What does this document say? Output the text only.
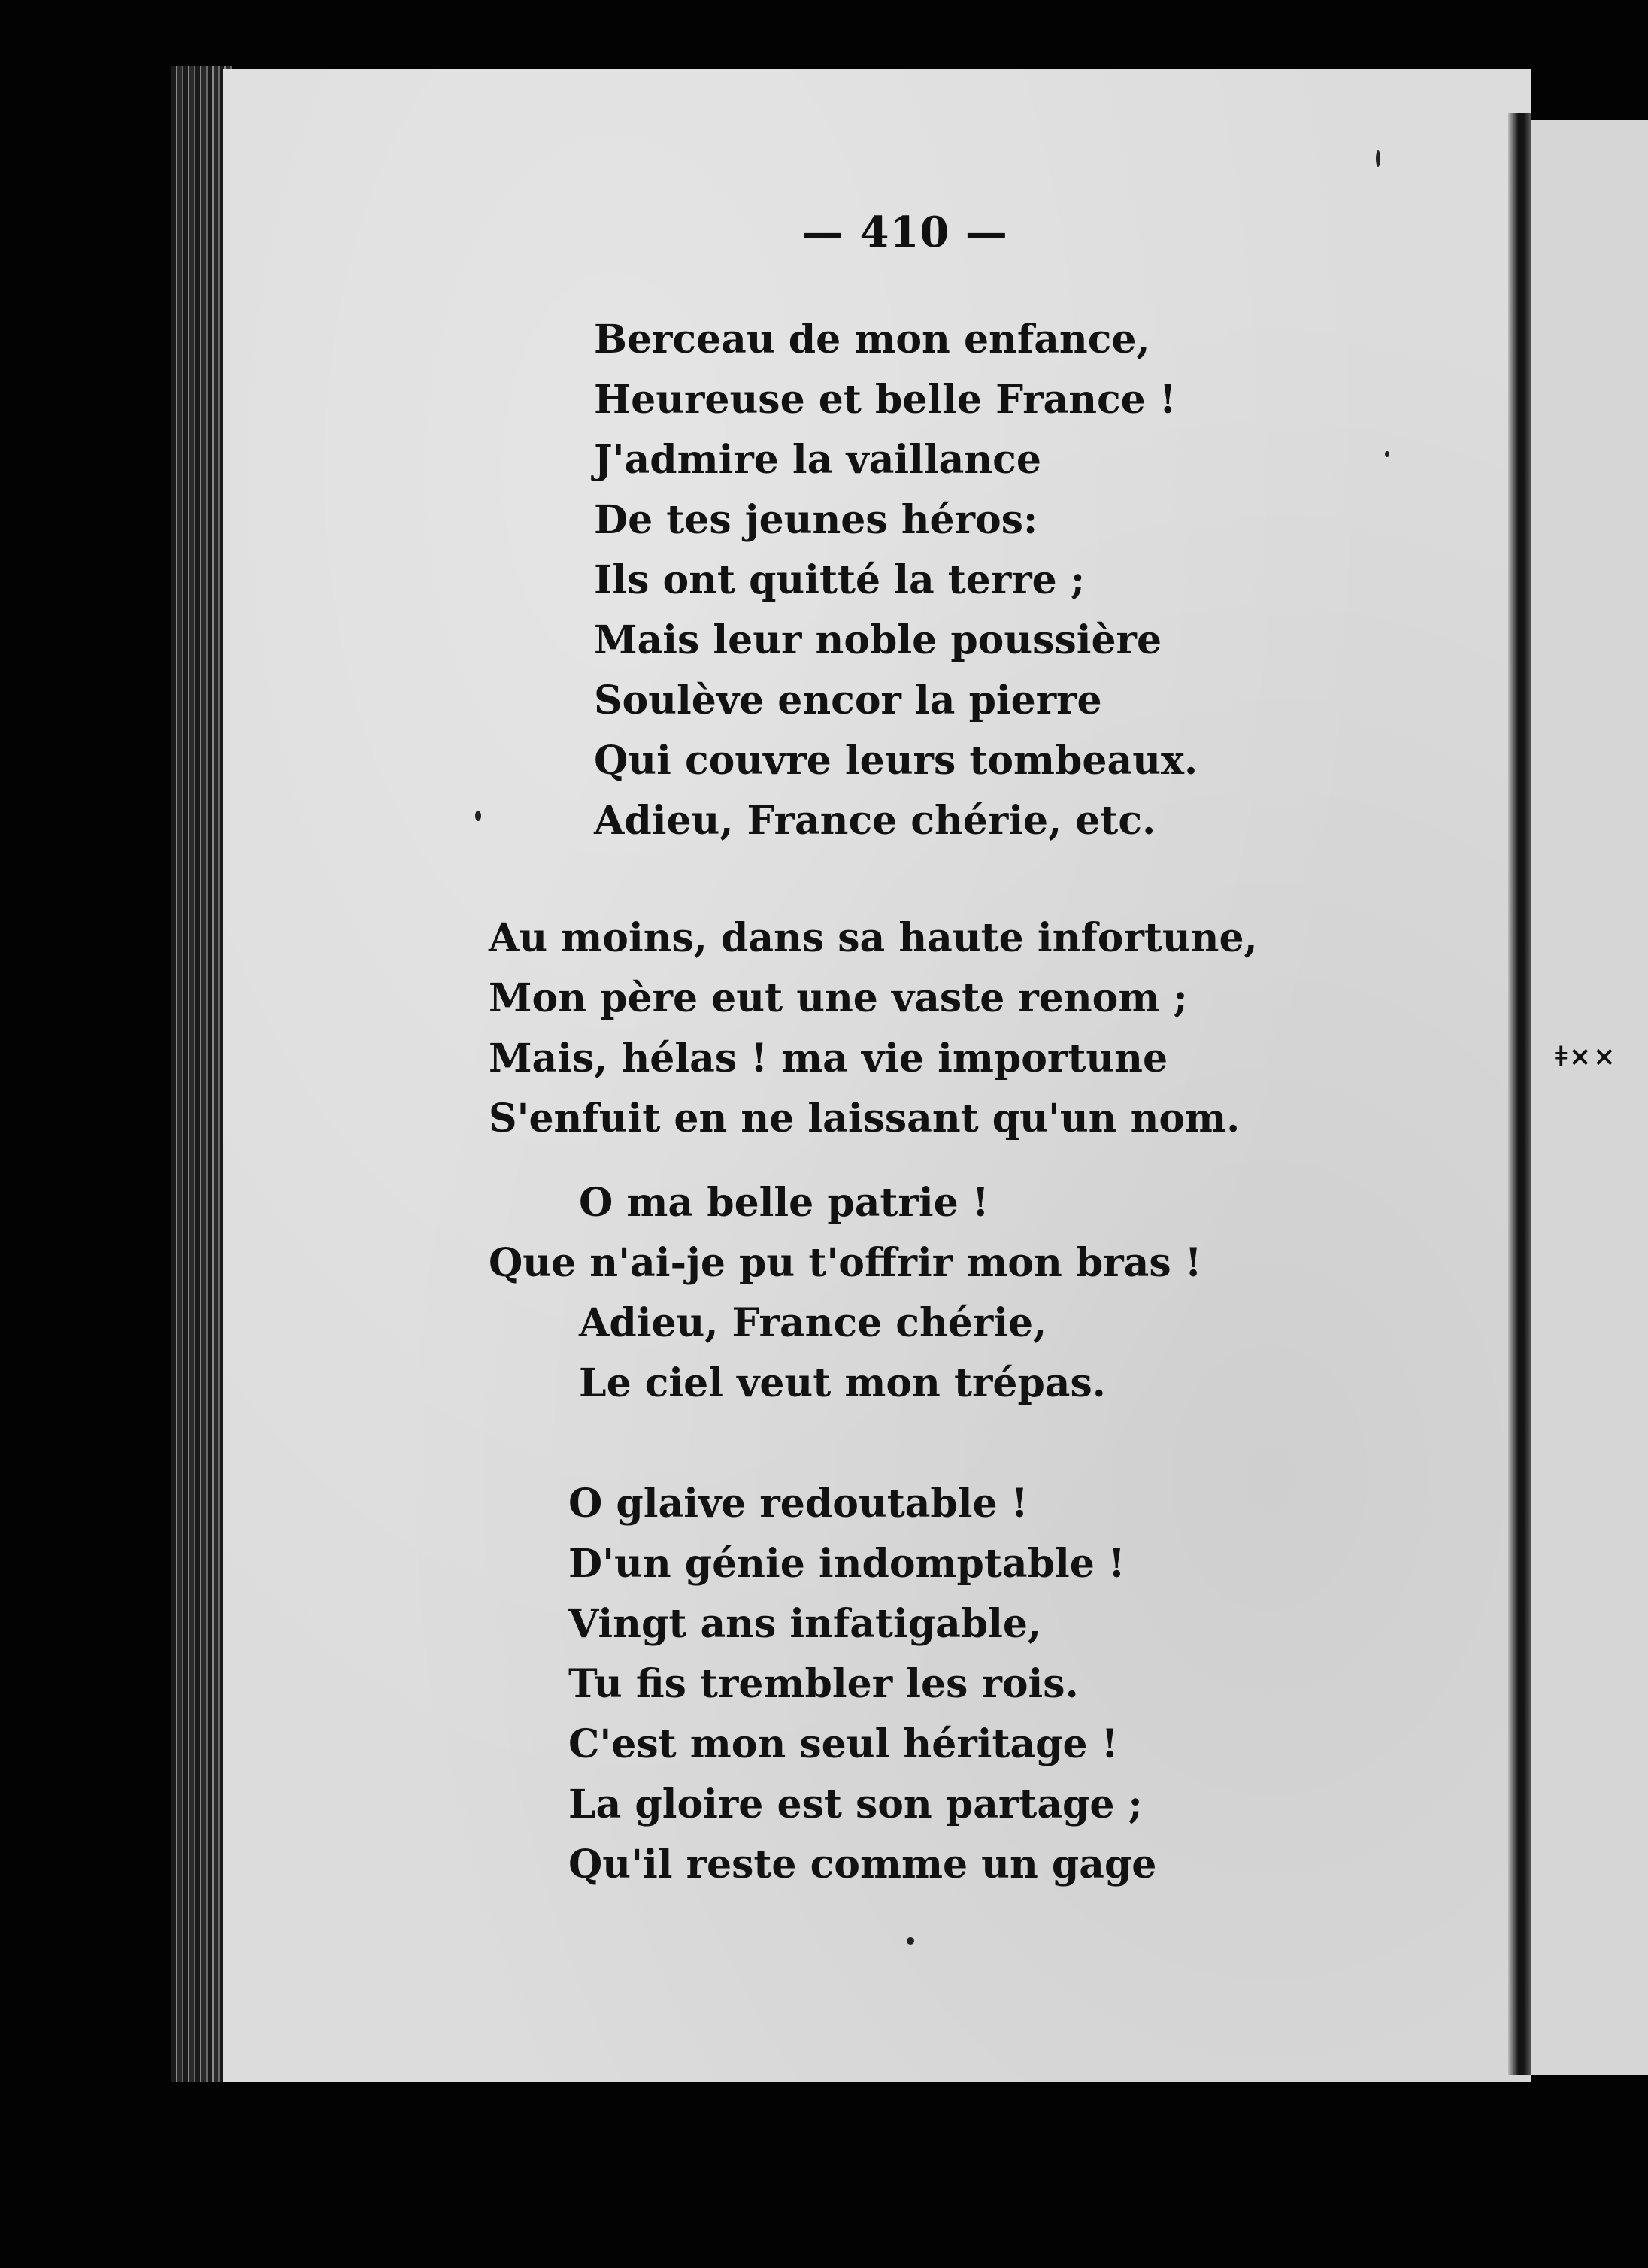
ǂ××
— 410 —
Berceau de mon enfance,
Heureuse et belle France !
J'admire la vaillance
De tes jeunes héros:
Ils ont quitté la terre ;
Mais leur noble poussière
Soulève encor la pierre
Qui couvre leurs tombeaux.
Adieu, France chérie, etc.
Au moins, dans sa haute infortune,
Mon père eut une vaste renom ;
Mais, hélas ! ma vie importune
S'enfuit en ne laissant qu'un nom.
O ma belle patrie !
Que n'ai-je pu t'offrir mon bras !
Adieu, France chérie,
Le ciel veut mon trépas.
O glaive redoutable !
D'un génie indomptable !
Vingt ans infatigable,
Tu fis trembler les rois.
C'est mon seul héritage !
La gloire est son partage ;
Qu'il reste comme un gage
